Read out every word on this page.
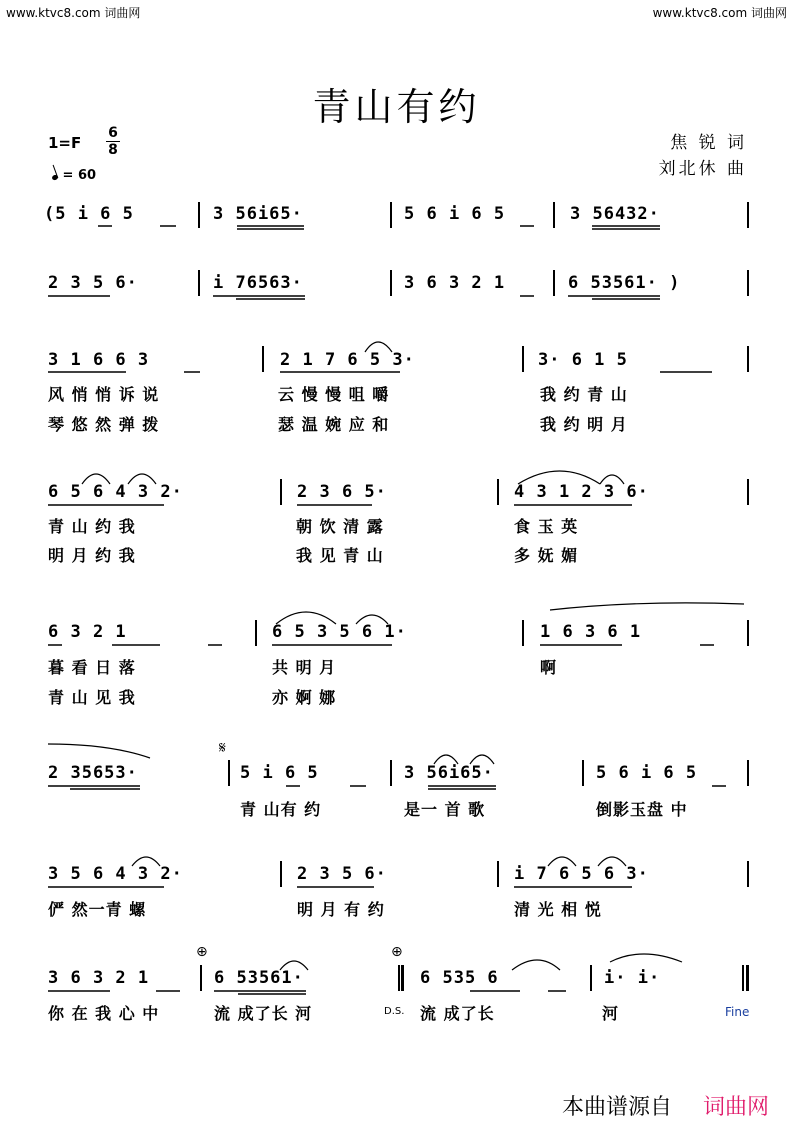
www.ktvc8.com 词曲网	www.ktvc8.com 词曲网
青山有约
1=F
6
8
= 60
焦 锐 词
刘北休 曲
(5 i 6 5	3 56i65·	5 6 i 6 5	3 56432·
2 3 5 6·	i 76563·	3 6 3 2 1	6 53561· )
3 1 6 6 3	2 1 7 6 5 3·	3· 6 1 5
风 悄 悄 诉 说	云 慢 慢 咀 嚼	我 约 青 山
琴 悠 然 弹 拨	瑟 温 婉 应 和	我 约 明 月
6 5 6 4 3 2·	2 3 6 5·	4 3 1 2 3 6·
青 山 约 我	朝 饮 清 露	食 玉 英
明 月 约 我	我 见 青 山	多 妩 媚
6 3 2 1	6 5 3 5 6 1·	1 6 3 6 1
暮 看 日 落	共 明 月	啊
青 山 见 我	亦 婀 娜
𝄋
2 35653·	5 i 6 5	3 56i65·	5 6 i 6 5
青 山有 约	是一 首 歌	倒影玉盘 中
3 5 6 4 3 2·	2 3 5 6·	i 7 6 5 6 3·
俨 然一青 螺	明 月 有 约	清 光 相 悦
⊕	⊕
3 6 3 2 1	6 53561·	6 535 6	i· i·
你 在 我 心 中	流 成了长 河	D.S. 流 成了长	河	Fine
本曲谱源自 词曲网
